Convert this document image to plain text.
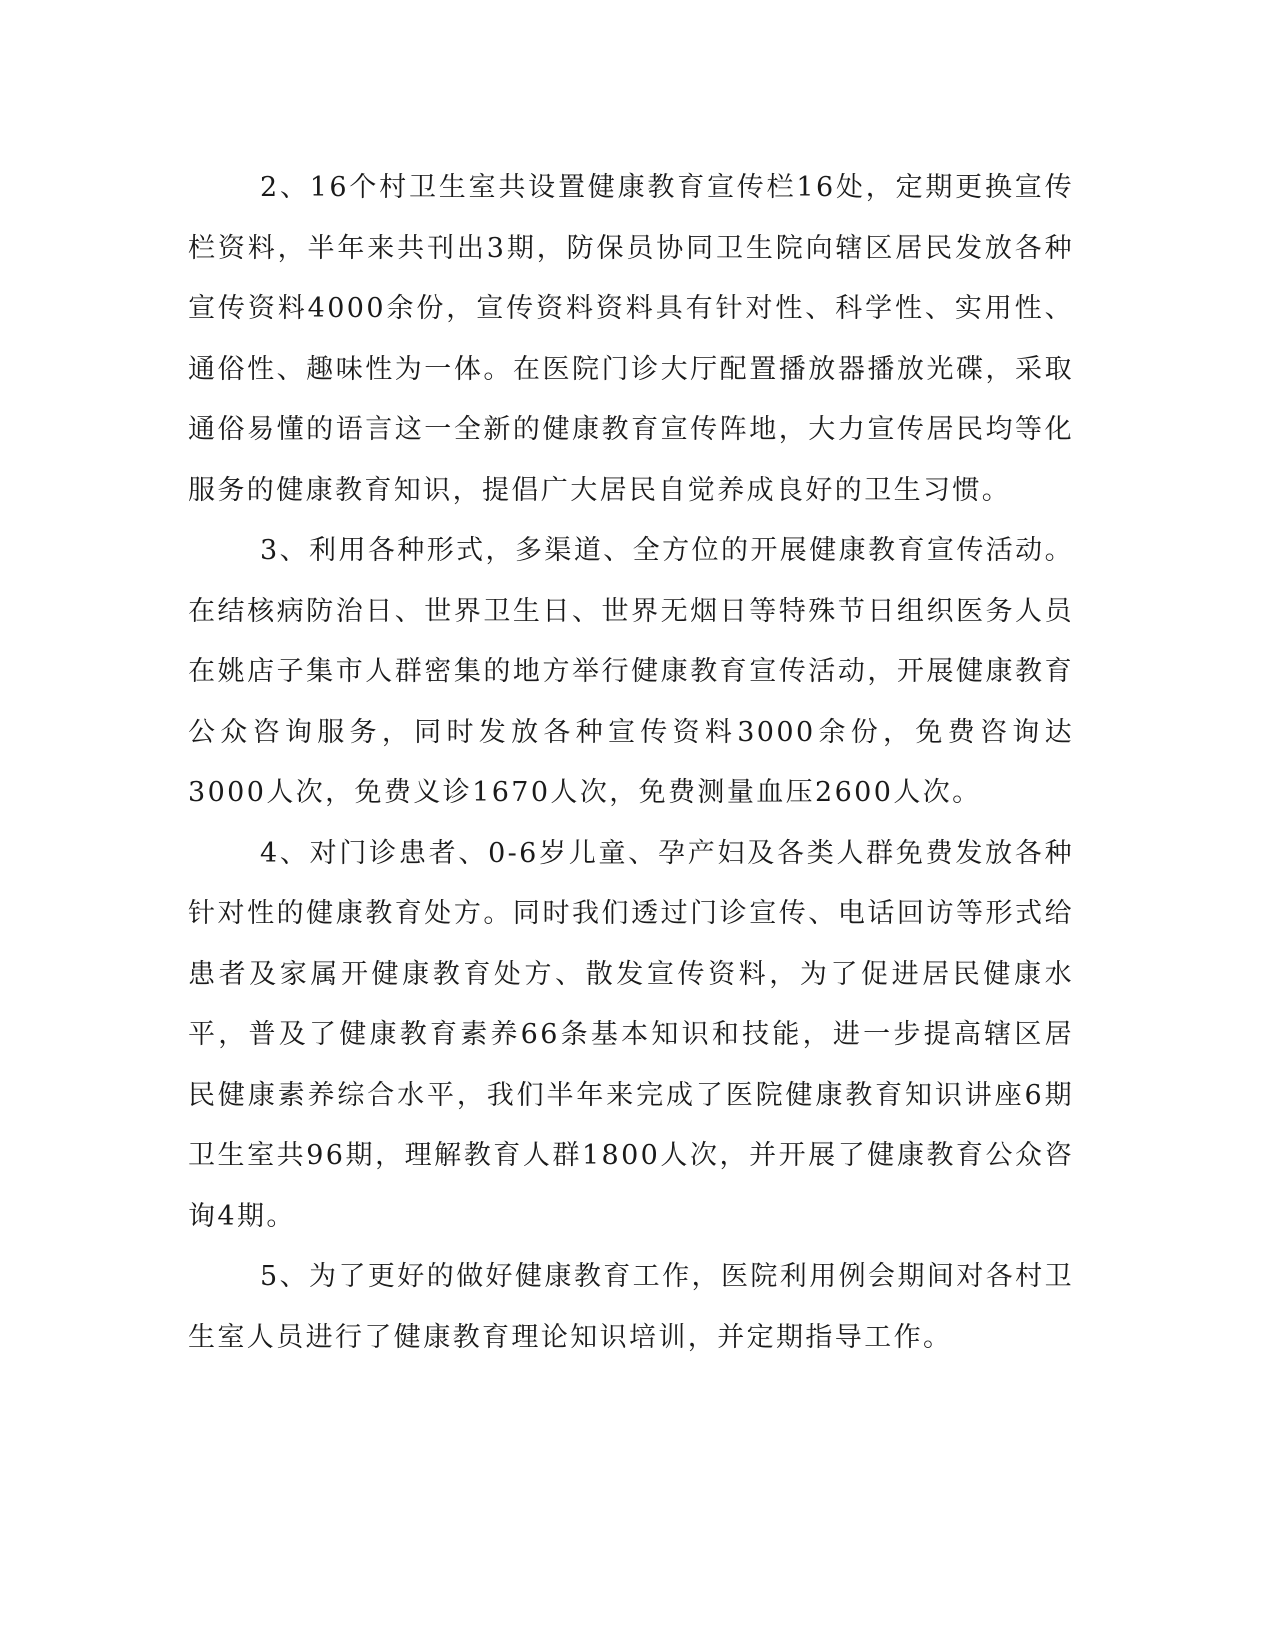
2、16个村卫生室共设置健康教育宣传栏16处，定期更换宣传栏资料，半年来共刊出3期，防保员协同卫生院向辖区居民发放各种宣传资料4000余份，宣传资料资料具有针对性、科学性、实用性、通俗性、趣味性为一体。在医院门诊大厅配置播放器播放光碟，采取通俗易懂的语言这一全新的健康教育宣传阵地，大力宣传居民均等化服务的健康教育知识，提倡广大居民自觉养成良好的卫生习惯。

3、利用各种形式，多渠道、全方位的开展健康教育宣传活动。在结核病防治日、世界卫生日、世界无烟日等特殊节日组织医务人员在姚店子集市人群密集的地方举行健康教育宣传活动，开展健康教育公众咨询服务，同时发放各种宣传资料3000余份，免费咨询达3000人次，免费义诊1670人次，免费测量血压2600人次。

4、对门诊患者、0-6岁儿童、孕产妇及各类人群免费发放各种针对性的健康教育处方。同时我们透过门诊宣传、电话回访等形式给患者及家属开健康教育处方、散发宣传资料，为了促进居民健康水平，普及了健康教育素养66条基本知识和技能，进一步提高辖区居民健康素养综合水平，我们半年来完成了医院健康教育知识讲座6期卫生室共96期，理解教育人群1800人次，并开展了健康教育公众咨询4期。

5、为了更好的做好健康教育工作，医院利用例会期间对各村卫生室人员进行了健康教育理论知识培训，并定期指导工作。
